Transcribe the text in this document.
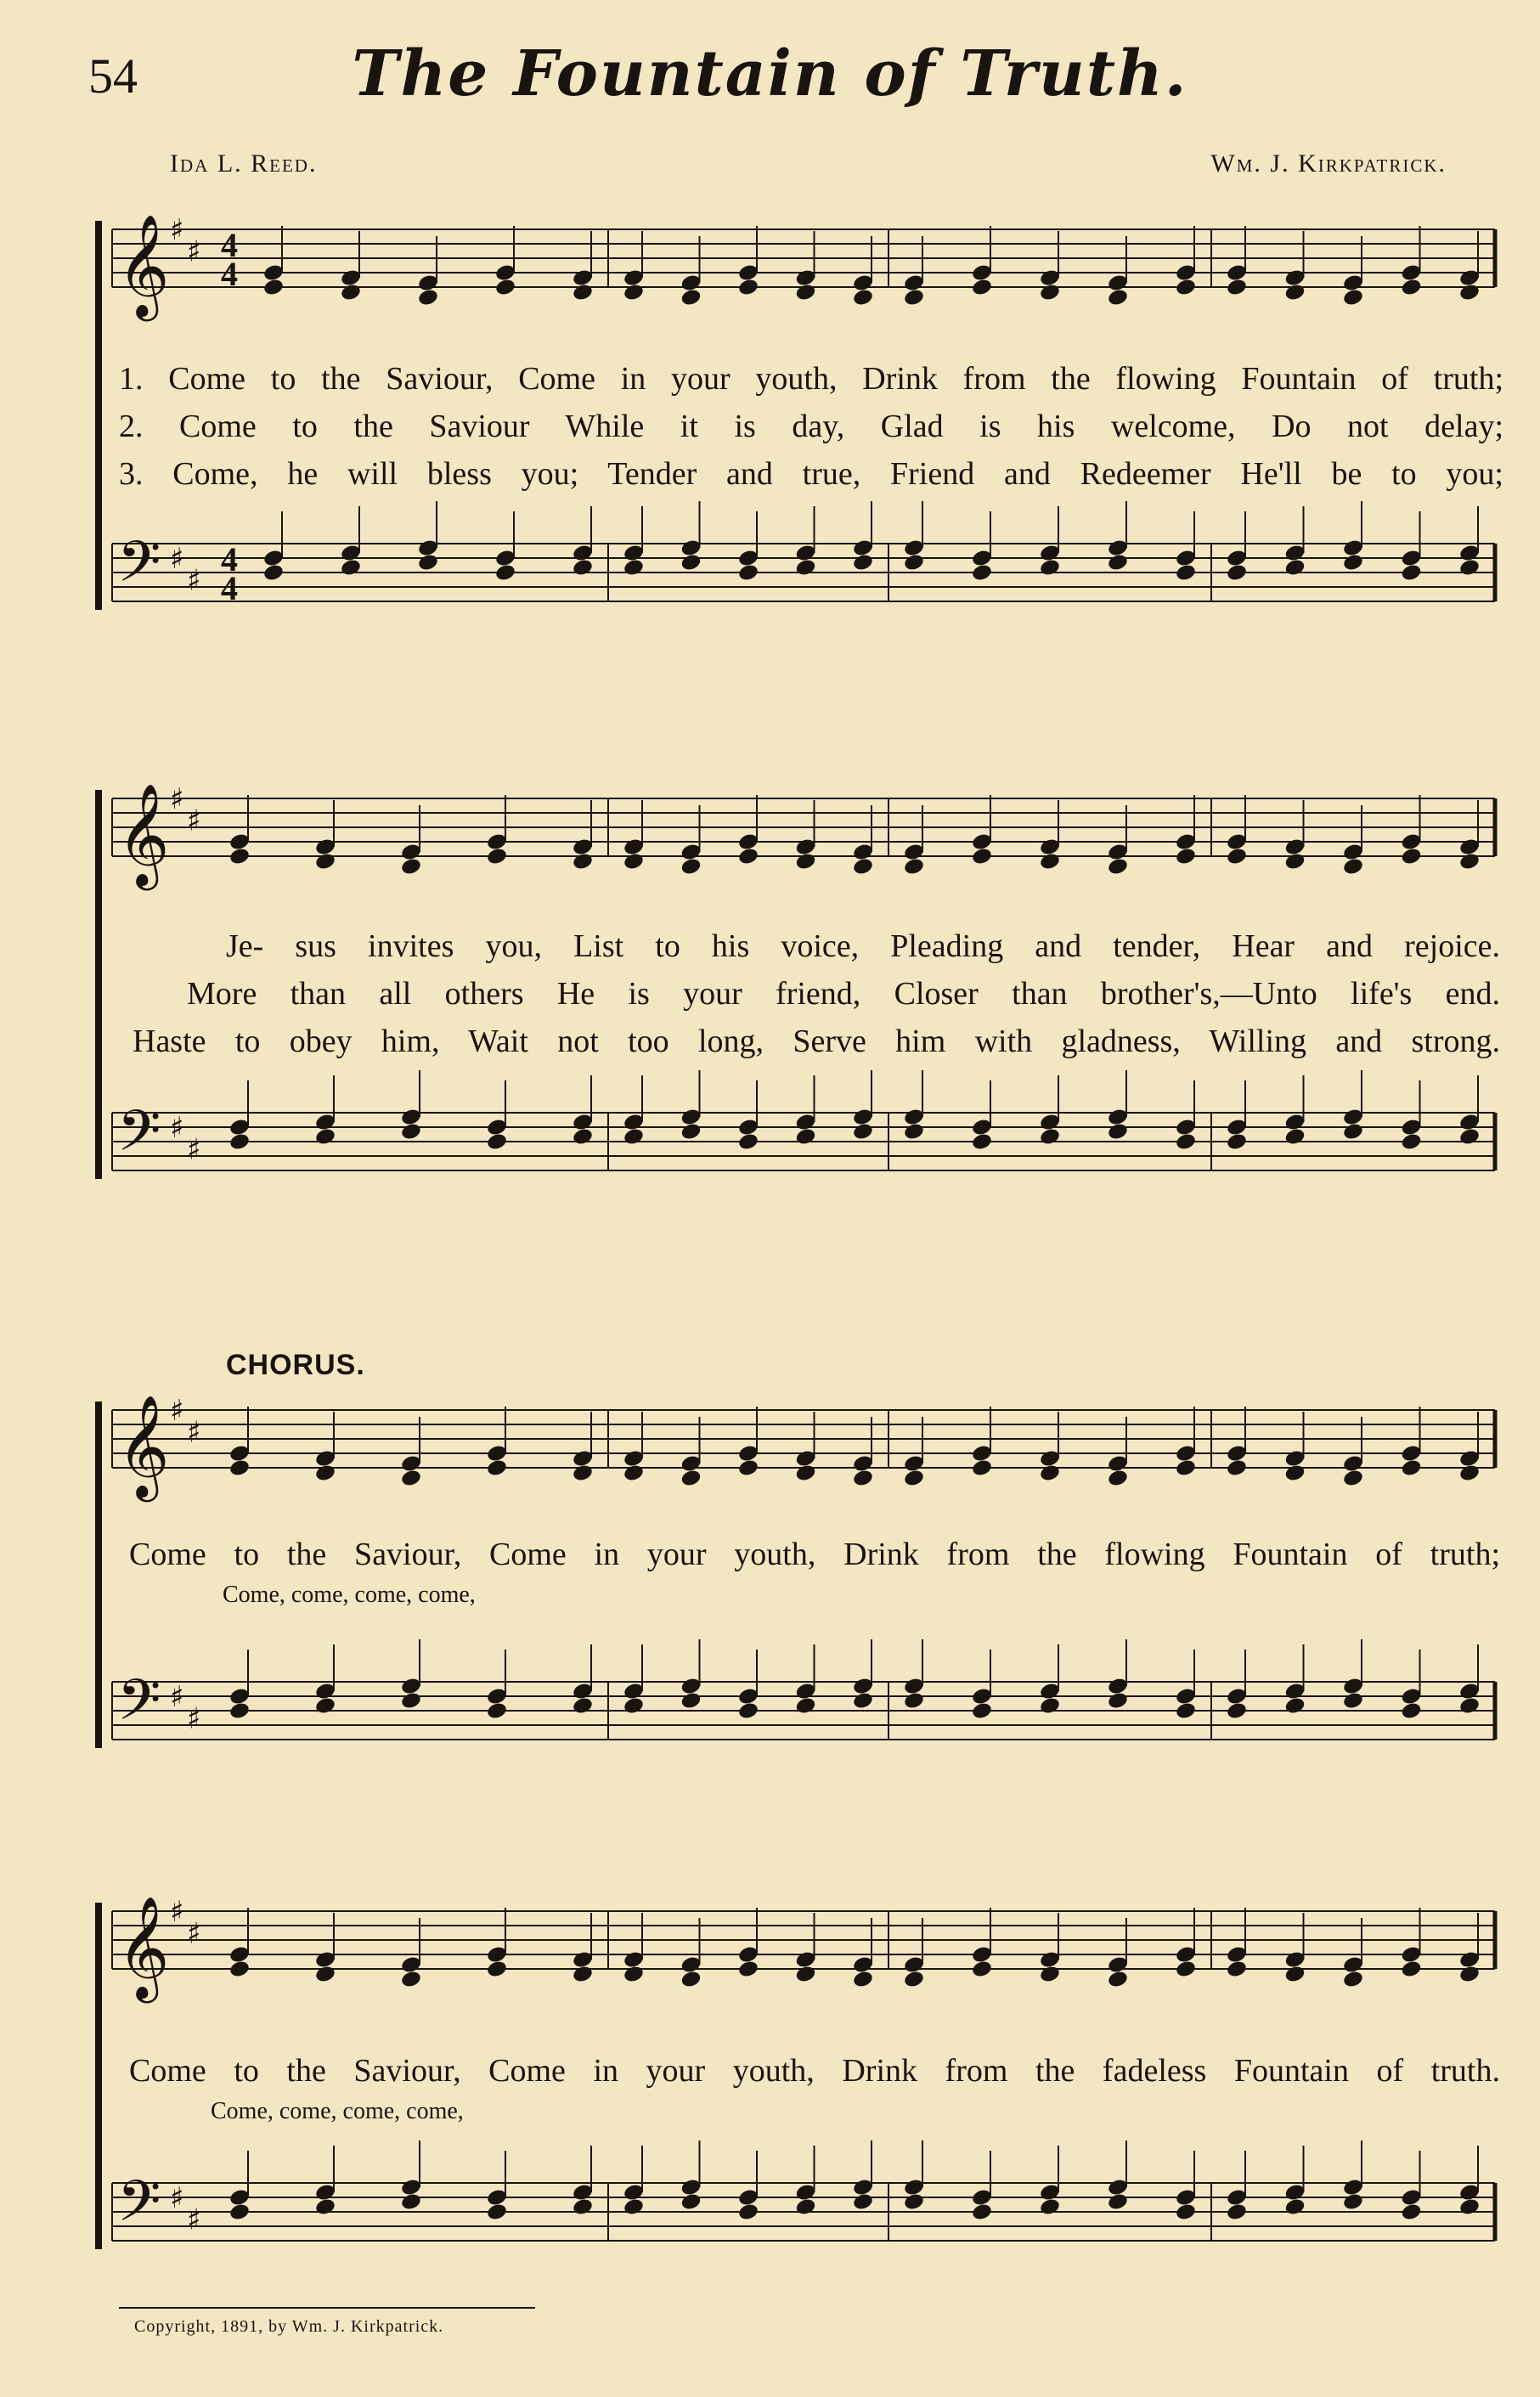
54	The Fountain of Truth.
Ida L. Reed.	Wm. J. Kirkpatrick.
𝄞 ♯
♯ 4
4
𝄢 ♯
♯
4
4
1. Come to the Saviour, Come in your youth, Drink from the flowing Fountain of truth;
2. Come to the Saviour While it is day, Glad is his welcome, Do not delay;
3. Come, he will bless you; Tender and true, Friend and Redeemer He'll be to you;
𝄞 ♯
♯
𝄢 ♯
♯
Je- sus invites you, List to his voice, Pleading and tender, Hear and rejoice.
More than all others He is your friend, Closer than brother's,—Unto life's end.
Haste to obey him, Wait not too long, Serve him with gladness, Willing and strong.
CHORUS.
𝄞 ♯
♯
𝄢 ♯
♯
Come to the Saviour, Come in your youth, Drink from the flowing Fountain of truth;
Come, come, come, come,
𝄞 ♯
♯
𝄢 ♯
♯
Come to the Saviour, Come in your youth, Drink from the fadeless Fountain of truth.
Come, come, come, come,
Copyright, 1891, by Wm. J. Kirkpatrick.
